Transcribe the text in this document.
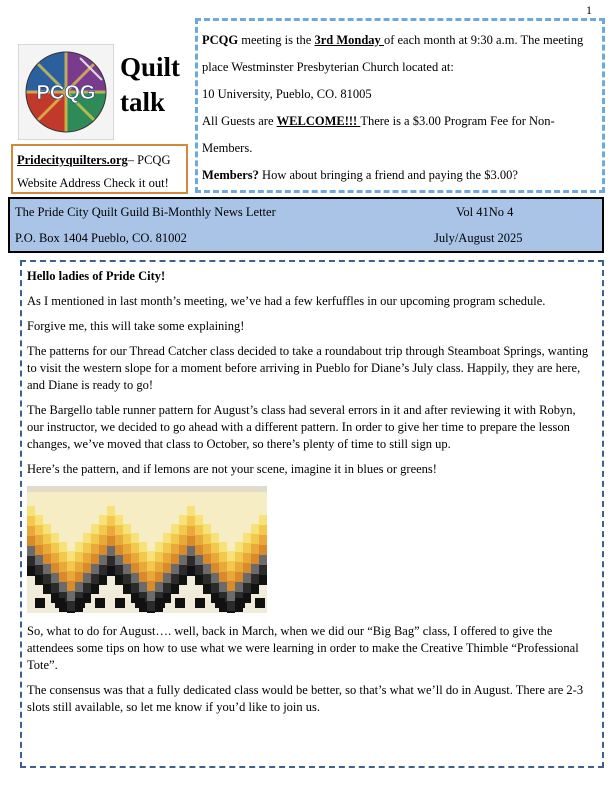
1
PCQG
Quilt
talk
Pridecityquilters.org– PCQG
Website Address Check it out!
PCQG meeting is the 3rd Monday of each month at 9:30 a.m. The meeting place Westminster Presbyterian Church located at:
10 University, Pueblo, CO. 81005
All Guests are WELCOME!!! There is a $3.00 Program Fee for Non-Members.
Members? How about bringing a friend and paying the $3.00?
The Pride City Quilt Guild Bi-Monthly News Letter	Vol 41No 4
P.O. Box 1404 Pueblo, CO. 81002	July/August 2025

Hello ladies of Pride City!

As I mentioned in last month’s meeting, we’ve had a few kerfuffles in our upcoming program schedule.

Forgive me, this will take some explaining!

The patterns for our Thread Catcher class decided to take a roundabout trip through Steamboat Springs, wanting to visit the western slope for a moment before arriving in Pueblo for Diane’s July class. Happily, they are here, and Diane is ready to go!

The Bargello table runner pattern for August’s class had several errors in it and after reviewing it with Robyn, our instructor, we decided to go ahead with a different pattern. In order to give her time to prepare the lesson changes, we’ve moved that class to October, so there’s plenty of time to still sign up.

Here’s the pattern, and if lemons are not your scene, imagine it in blues or greens!

So, what to do for August…. well, back in March, when we did our “Big Bag” class, I offered to give the attendees some tips on how to use what we were learning in order to make the Creative Thimble “Professional Tote”.

The consensus was that a fully dedicated class would be better, so that’s what we’ll do in August. There are 2-3 slots still available, so let me know if you’d like to join us.
